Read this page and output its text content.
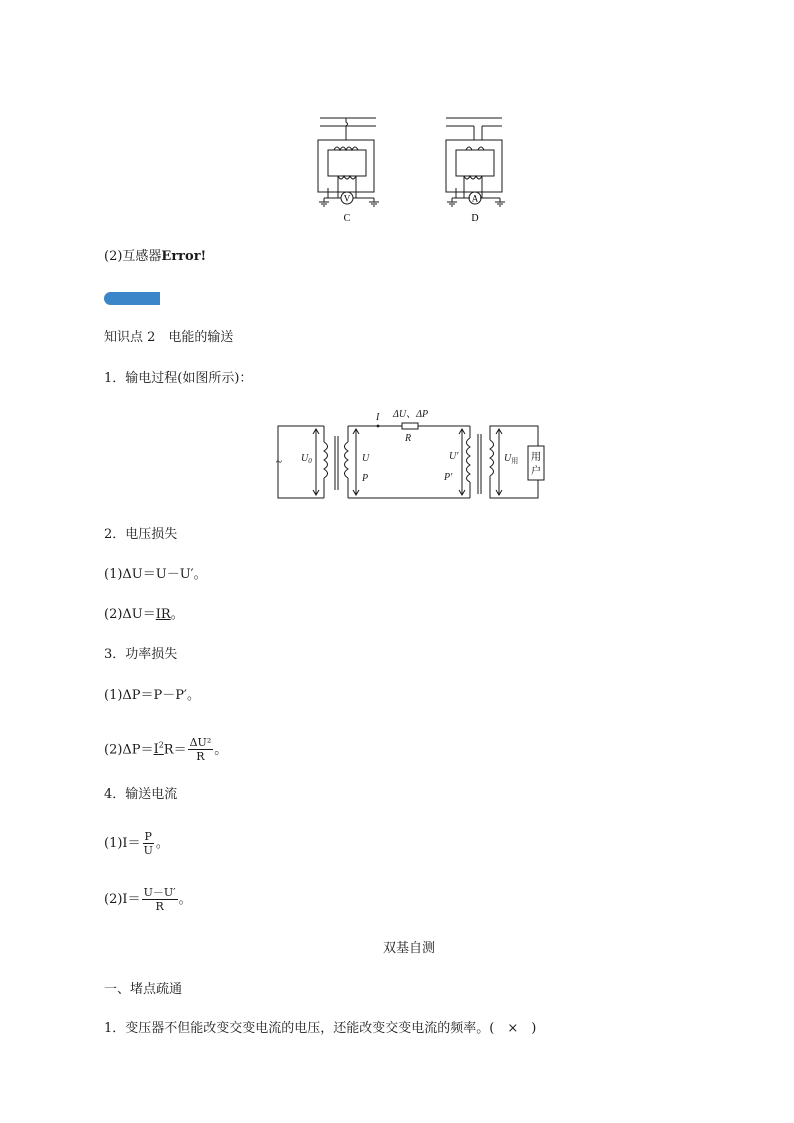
V	A
C	D
(2)互感器Error!
知识点 2　电能的输送
1．输电过程(如图所示)：
I ΔU、ΔP
R
$U_0$	U
P
U′
P′
$U_用$
~	用
户
2．电压损失
(1)ΔU＝U－U′。
(2)ΔU＝IR。
3．功率损失
(1)ΔP＝P－P′。
$(2)\Delta P=I^2R= \frac{\text{ΔU²}}{R}$ 。
4．输送电流
$(1)I= \frac{P}{U}$ 。
$(2)I= \frac{U-U'}{R}$ 。
双基自测
一、堵点疏通
1．变压器不但能改变交变电流的电压，还能改变交变电流的频率。(　×　)
